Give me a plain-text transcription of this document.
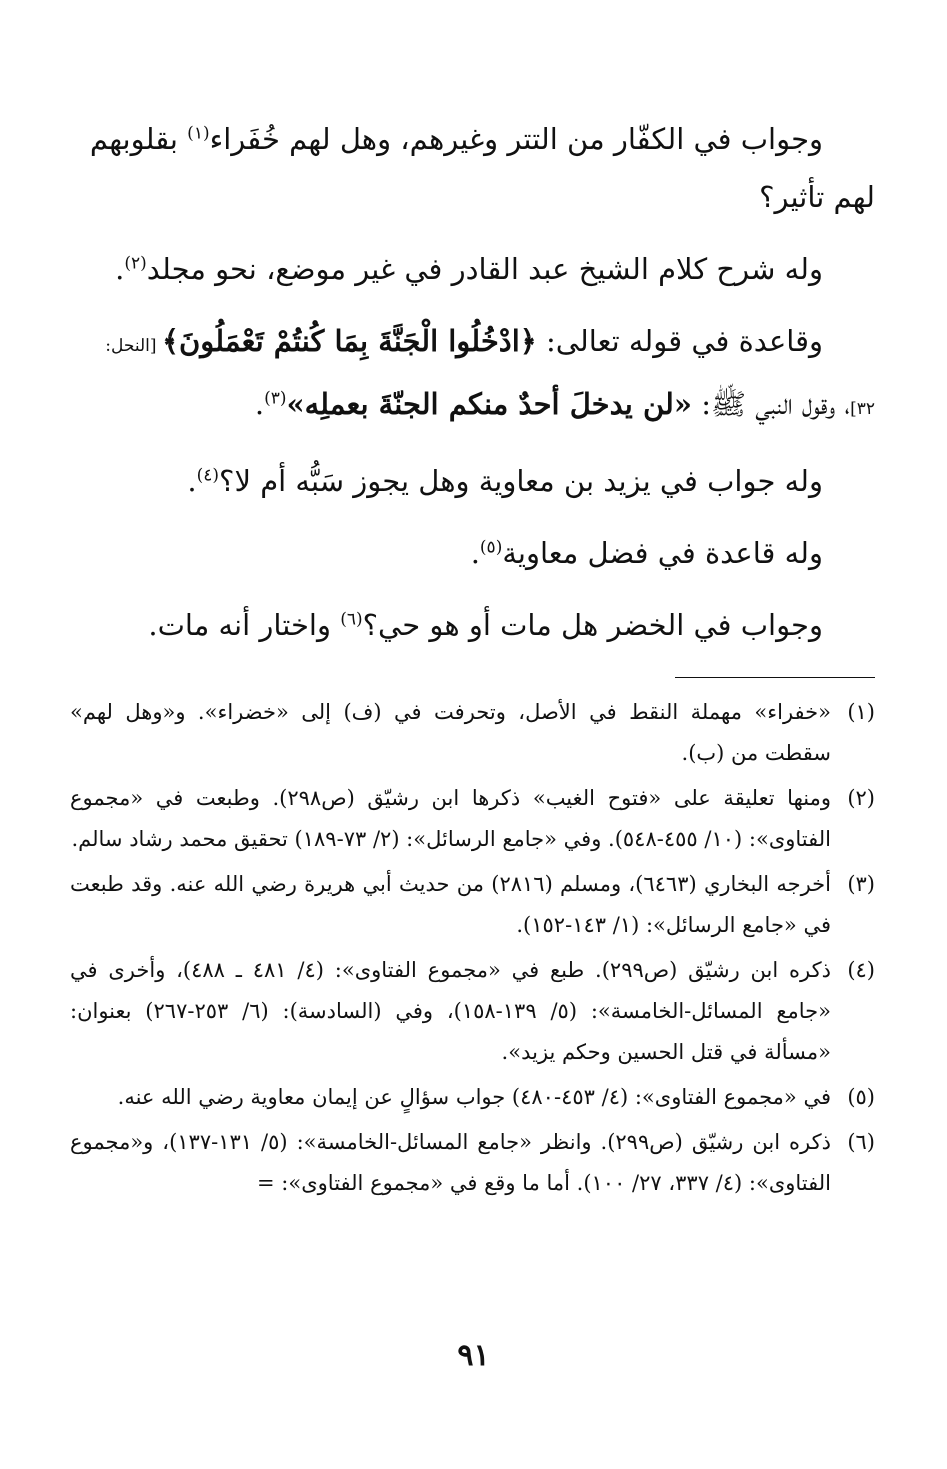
وجواب في الكفّار من التتر وغيرهم، وهل لهم خُفَراء$^{(١)}$ بقلوبهم لهم تأثير؟

وله شرح كلام الشيخ عبد القادر في غير موضع، نحو مجلد$^{(٢)}$.

وقاعدة في قوله تعالى: ﴿ادْخُلُوا الْجَنَّةَ بِمَا كُنتُمْ تَعْمَلُونَ﴾ [النحل: ٣٢]، وقول النبي ﷺ: «لن يدخلَ أحدٌ منكم الجنّةَ بعملِه»$^{(٣)}$.

وله جواب في يزيد بن معاوية وهل يجوز سَبُّه أم لا؟$^{(٤)}$.

وله قاعدة في فضل معاوية$^{(٥)}$.

وجواب في الخضر هل مات أو هو حي؟$^{(٦)}$ واختار أنه مات.

(١)
«خفراء» مهملة النقط في الأصل، وتحرفت في (ف) إلى «خضراء». و«وهل لهم» سقطت من (ب).
(٢)
ومنها تعليقة على «فتوح الغيب» ذكرها ابن رشيّق (ص٢٩٨). وطبعت في «مجموع الفتاوى»: (١٠/ ٤٥٥-٥٤٨). وفي «جامع الرسائل»: (٢/ ٧٣-١٨٩) تحقيق محمد رشاد سالم.
(٣)
أخرجه البخاري (٦٤٦٣)، ومسلم (٢٨١٦) من حديث أبي هريرة رضي الله عنه. وقد طبعت في «جامع الرسائل»: (١/ ١٤٣-١٥٢).
(٤)
ذكره ابن رشيّق (ص٢٩٩). طبع في «مجموع الفتاوى»: (٤/ ٤٨١ ـ ٤٨٨)، وأخرى في «جامع المسائل-الخامسة»: (٥/ ١٣٩-١٥٨)، وفي (السادسة): (٦/ ٢٥٣-٢٦٧) بعنوان: «مسألة في قتل الحسين وحكم يزيد».
(٥)
في «مجموع الفتاوى»: (٤/ ٤٥٣-٤٨٠) جواب سؤالٍ عن إيمان معاوية رضي الله عنه.
(٦)
ذكره ابن رشيّق (ص٢٩٩). وانظر «جامع المسائل-الخامسة»: (٥/ ١٣١-١٣٧)، و«مجموع الفتاوى»: (٤/ ٣٣٧، ٢٧/ ١٠٠). أما ما وقع في «مجموع الفتاوى»: =
٩١
